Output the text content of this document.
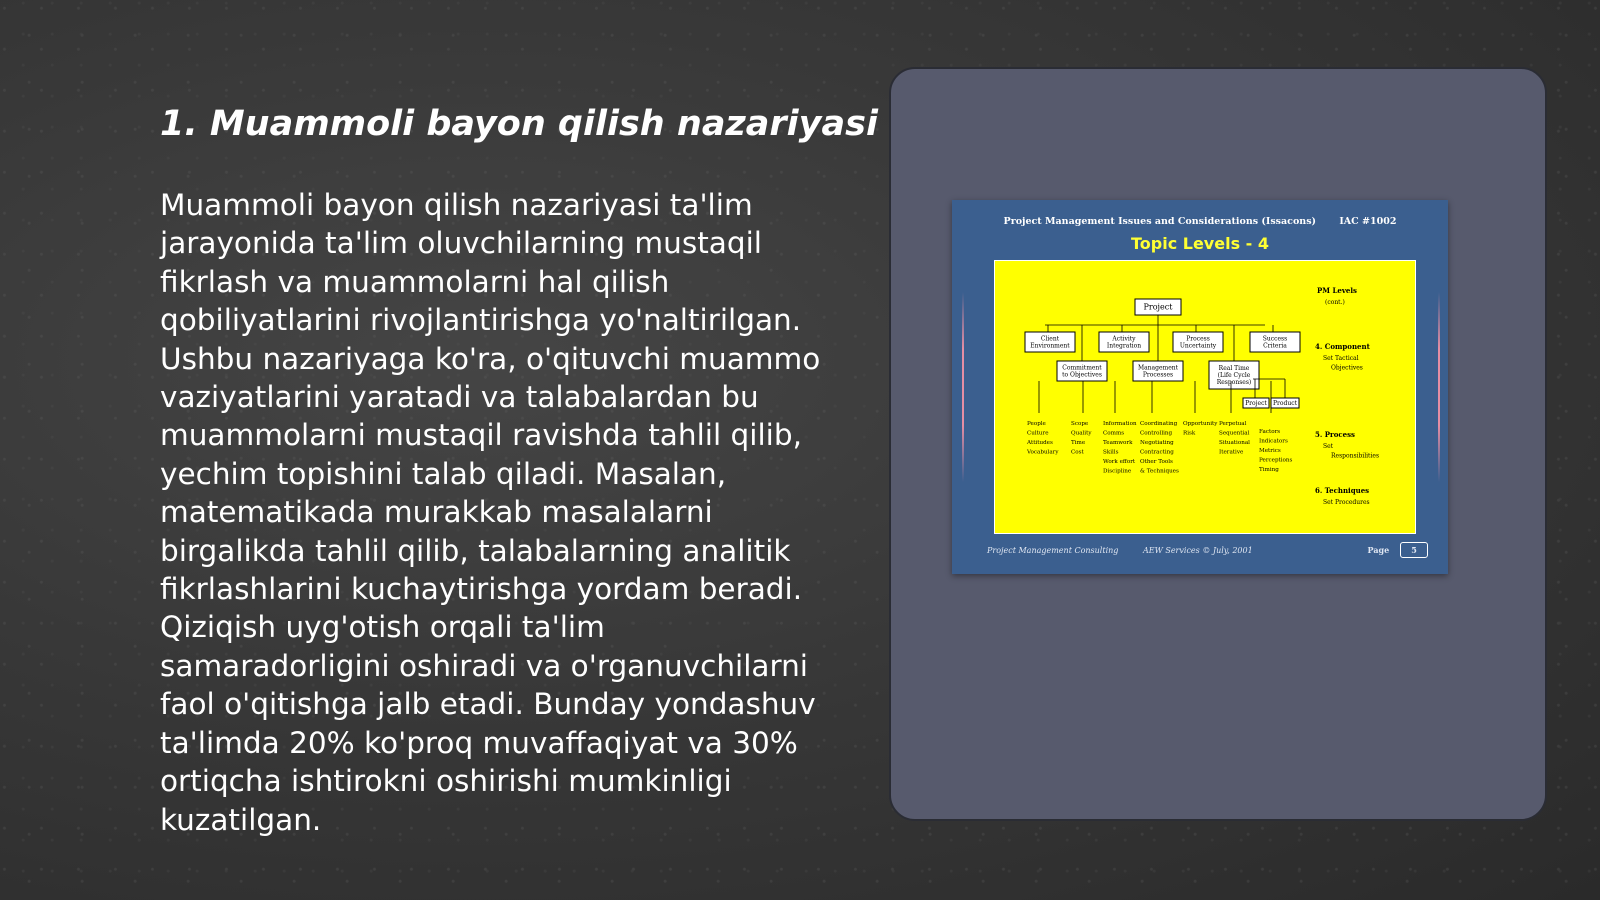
1. Muammoli bayon qilish nazariyasi

Muammoli bayon qilish nazariyasi ta'lim jarayonida ta'lim oluvchilarning mustaqil fikrlash va muammolarni hal qilish qobiliyatlarini rivojlantirishga yo'naltirilgan. Ushbu nazariyaga ko'ra, o'qituvchi muammo vaziyatlarini yaratadi va talabalardan bu muammolarni mustaqil ravishda tahlil qilib, yechim topishini talab qiladi. Masalan, matematikada murakkab masalalarni birgalikda tahlil qilib, talabalarning analitik fikrlashlarini kuchaytirishga yordam beradi. Qiziqish uyg'otish orqali ta'lim samaradorligini oshiradi va o'rganuvchilarni faol o'qitishga jalb etadi. Bunday yondashuv ta'limda 20% ko'proq muvaffaqiyat va 30% ortiqcha ishtirokni oshirishi mumkinligi kuzatilgan.

Project Management Issues and Considerations (Issacons) IAC #1002
Topic Levels - 4
Project
Client
Environment
Activity
Integration
Process
Uncertainty
Success
Criteria
Commitment
to Objectives
Management
Processes
Real Time
(Life Cycle
Responses)
Project Product
People
Culture
Attitudes
Vocabulary
Scope
Quality
Time
Cost
Information
Comms
Teamwork
Skills
Work effort
Discipline
Coordinating
Controlling
Negotiating
Contracting
Other Tools
& Techniques
Opportunity
Risk
Perpetual
Sequential
Situational
Iterative
Factors
Indicators
Metrics
Perceptions
Timing
PM Levels
(cont.)
4. Component
Set Tactical
Objectives
5. Process
Set
Responsibilities
6. Techniques
Set Procedures
Project Management Consulting	AEW Services © July, 2001	Page	5
